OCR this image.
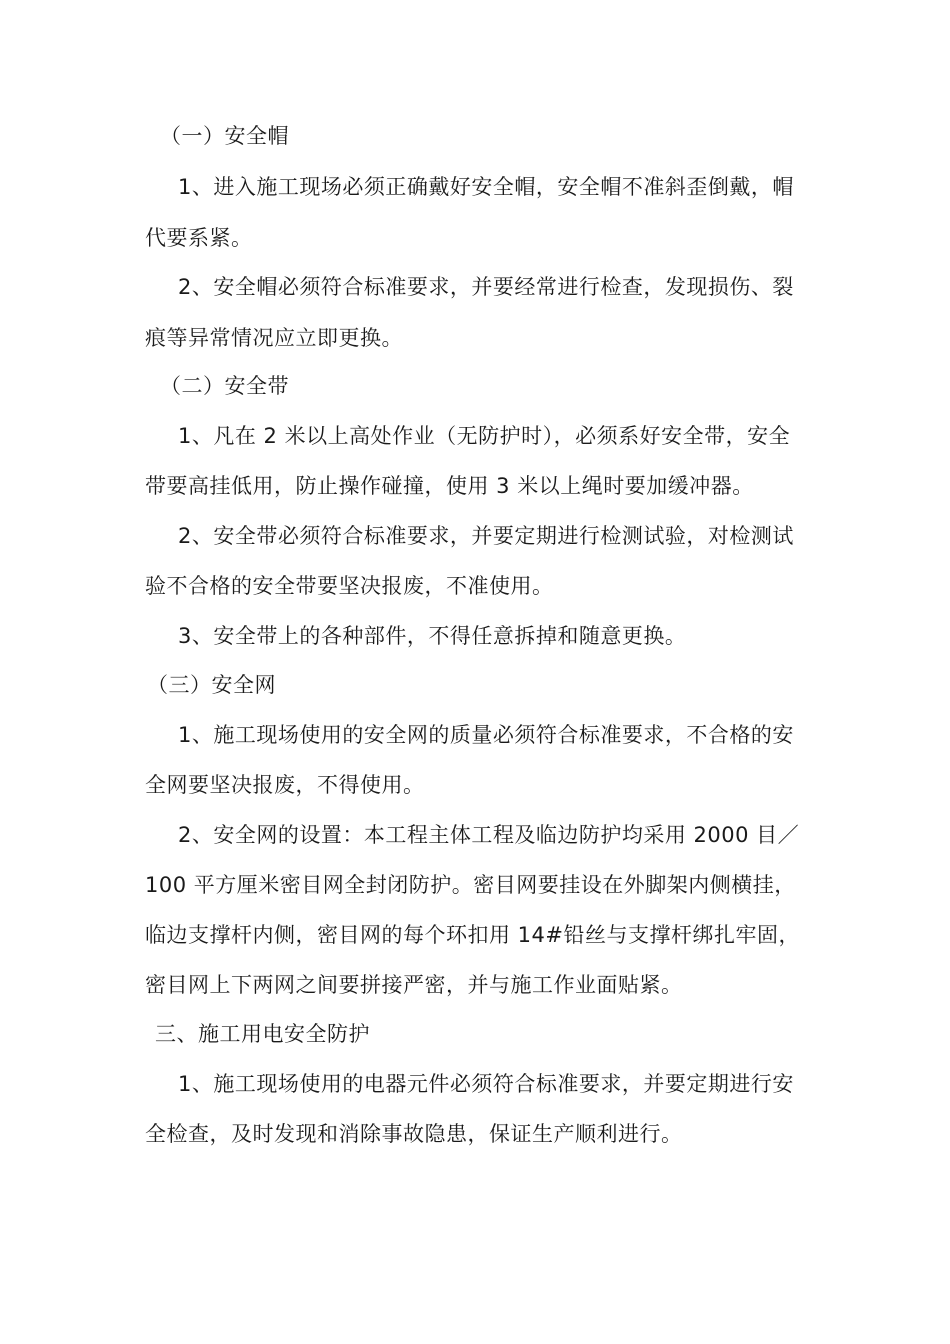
（一）安全帽
1、进入施工现场必须正确戴好安全帽，安全帽不准斜歪倒戴，帽
代要系紧。
2、安全帽必须符合标准要求，并要经常进行检查，发现损伤、裂
痕等异常情况应立即更换。
（二）安全带
1、凡在 2 米以上高处作业（无防护时），必须系好安全带，安全
带要高挂低用，防止操作碰撞，使用 3 米以上绳时要加缓冲器。
2、安全带必须符合标准要求，并要定期进行检测试验，对检测试
验不合格的安全带要坚决报废，不准使用。
3、安全带上的各种部件，不得任意拆掉和随意更换。
（三）安全网
1、施工现场使用的安全网的质量必须符合标准要求，不合格的安
全网要坚决报废，不得使用。
2、安全网的设置：本工程主体工程及临边防护均采用 2000 目／
100 平方厘米密目网全封闭防护。密目网要挂设在外脚架内侧横挂，
临边支撑杆内侧，密目网的每个环扣用 14#铅丝与支撑杆绑扎牢固，
密目网上下两网之间要拼接严密，并与施工作业面贴紧。
三、施工用电安全防护
1、施工现场使用的电器元件必须符合标准要求，并要定期进行安
全检查，及时发现和消除事故隐患，保证生产顺利进行。
